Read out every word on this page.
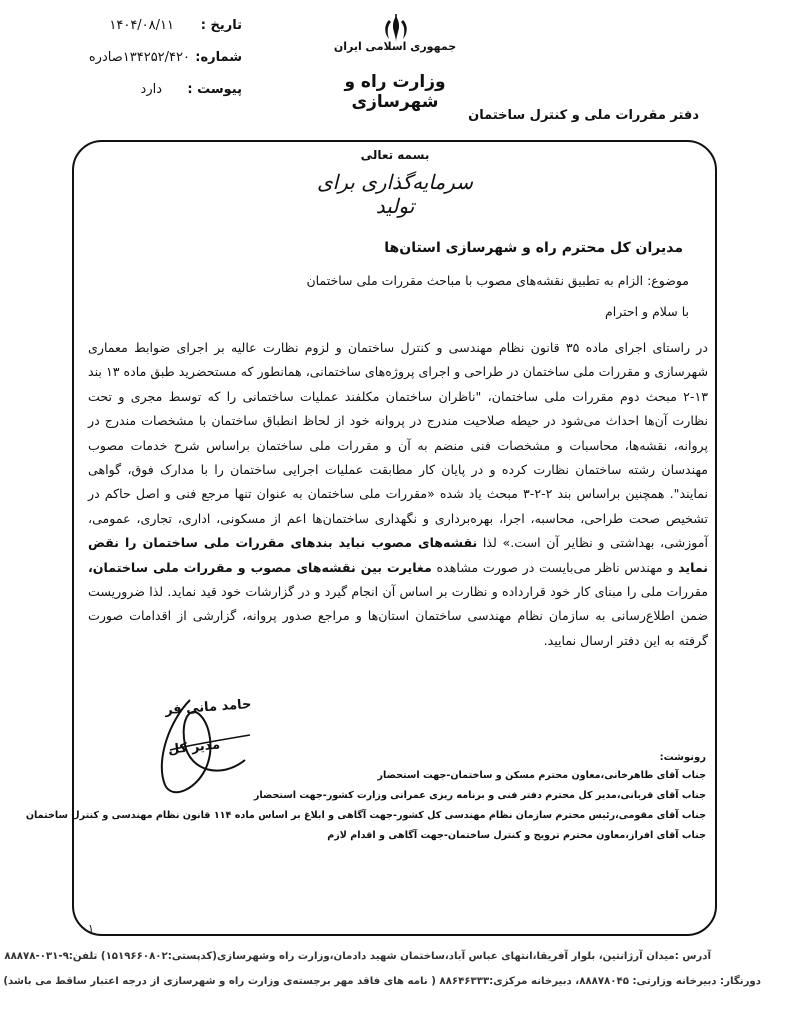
تاریخ :
۱۴۰۴/۰۸/۱۱
شماره:
۱۳۴۲۵۲/۴۲۰صادره
پیوست :
دارد
جمهوری اسلامی ایران
وزارت راه و شهرسازی
دفتر مقررات ملی و کنترل ساختمان
بسمه تعالی
سرمایه‌گذاری برای تولید
مدیران کل محترم راه و شهرسازی استان‌ها
موضوع: الزام به تطبیق نقشه‌های مصوب با مباحث مقررات ملی ساختمان
با سلام و احترام
در راستای اجرای ماده ۳۵ قانون نظام مهندسی و کنترل ساختمان و لزوم نظارت عالیه بر اجرای ضوابط معماری شهرسازی و مقررات ملی ساختمان در طراحی و اجرای پروژه‌های ساختمانی، همانطور که مستحضرید طبق ماده ۱۳ بند ۱۳-۲ مبحث دوم مقررات ملی ساختمان، "ناظران ساختمان مکلفند عملیات ساختمانی را که توسط مجری و تحت نظارت آن‌ها احداث می‌شود در حیطه صلاحیت مندرج در پروانه خود از لحاظ انطباق ساختمان با مشخصات مندرج در پروانه، نقشه‌ها، محاسبات و مشخصات فنی منضم به آن و مقررات ملی ساختمان براساس شرح خدمات مصوب مهندسان رشته ساختمان نظارت کرده و در پایان کار مطابقت عملیات اجرایی ساختمان را با مدارک فوق، گواهی نمایند". همچنین براساس بند ۲-۲-۳ مبحث یاد شده «مقررات ملی ساختمان به عنوان تنها مرجع فنی و اصل حاکم در تشخیص صحت طراحی، محاسبه، اجرا، بهره‌برداری و نگهداری ساختمان‌ها اعم از مسکونی، اداری، تجاری، عمومی، آموزشی، بهداشتی و نظایر آن است.» لذا نقشه‌های مصوب نباید بندهای مقررات ملی ساختمان را نقض نماید و مهندس ناظر می‌بایست در صورت مشاهده مغایرت بین نقشه‌های مصوب و مقررات ملی ساختمان، مقررات ملی را مبنای کار خود قرارداده و نظارت بر اساس آن انجام گیرد و در گزارشات خود قید نماید. لذا ضروریست ضمن اطلاع‌رسانی به سازمان نظام مهندسی ساختمان استان‌ها و مراجع صدور پروانه، گزارشی از اقدامات صورت گرفته به این دفتر ارسال نمایید.
حامد مانی فر
مدیر کل	رونوشت:
جناب آقای طاهرخانی،معاون محترم مسکن و ساختمان-جهت استحضار
جناب آقای قربانی،مدیر کل محترم دفتر فنی و برنامه ریزی عمرانی وزارت کشور-جهت استحضار
جناب آقای مقومی،رئیس محترم سازمان نظام مهندسی کل کشور-جهت آگاهی و ابلاغ بر اساس ماده ۱۱۴ قانون نظام مهندسی و کنترل ساختمان
جناب آقای افراز،معاون محترم ترویج و کنترل ساختمان-جهت آگاهی و اقدام لازم
۱
آدرس :میدان آرژانتین، بلوار آفریقا،انتهای عباس آباد،ساختمان شهید دادمان،وزارت راه وشهرسازی(کدپستی:۱۵۱۹۶۶۰۸۰۲) تلفن:۹-۰۳۱-۸۸۸۷۸
دورنگار: دبیرخانه وزارتی: ۸۸۸۷۸۰۴۵، دبیرخانه مرکزی:۸۸۶۴۶۳۳۳ ( نامه های فاقد مهر برجسته‌ی وزارت راه و شهرسازی از درجه اعتبار ساقط می باشد)
